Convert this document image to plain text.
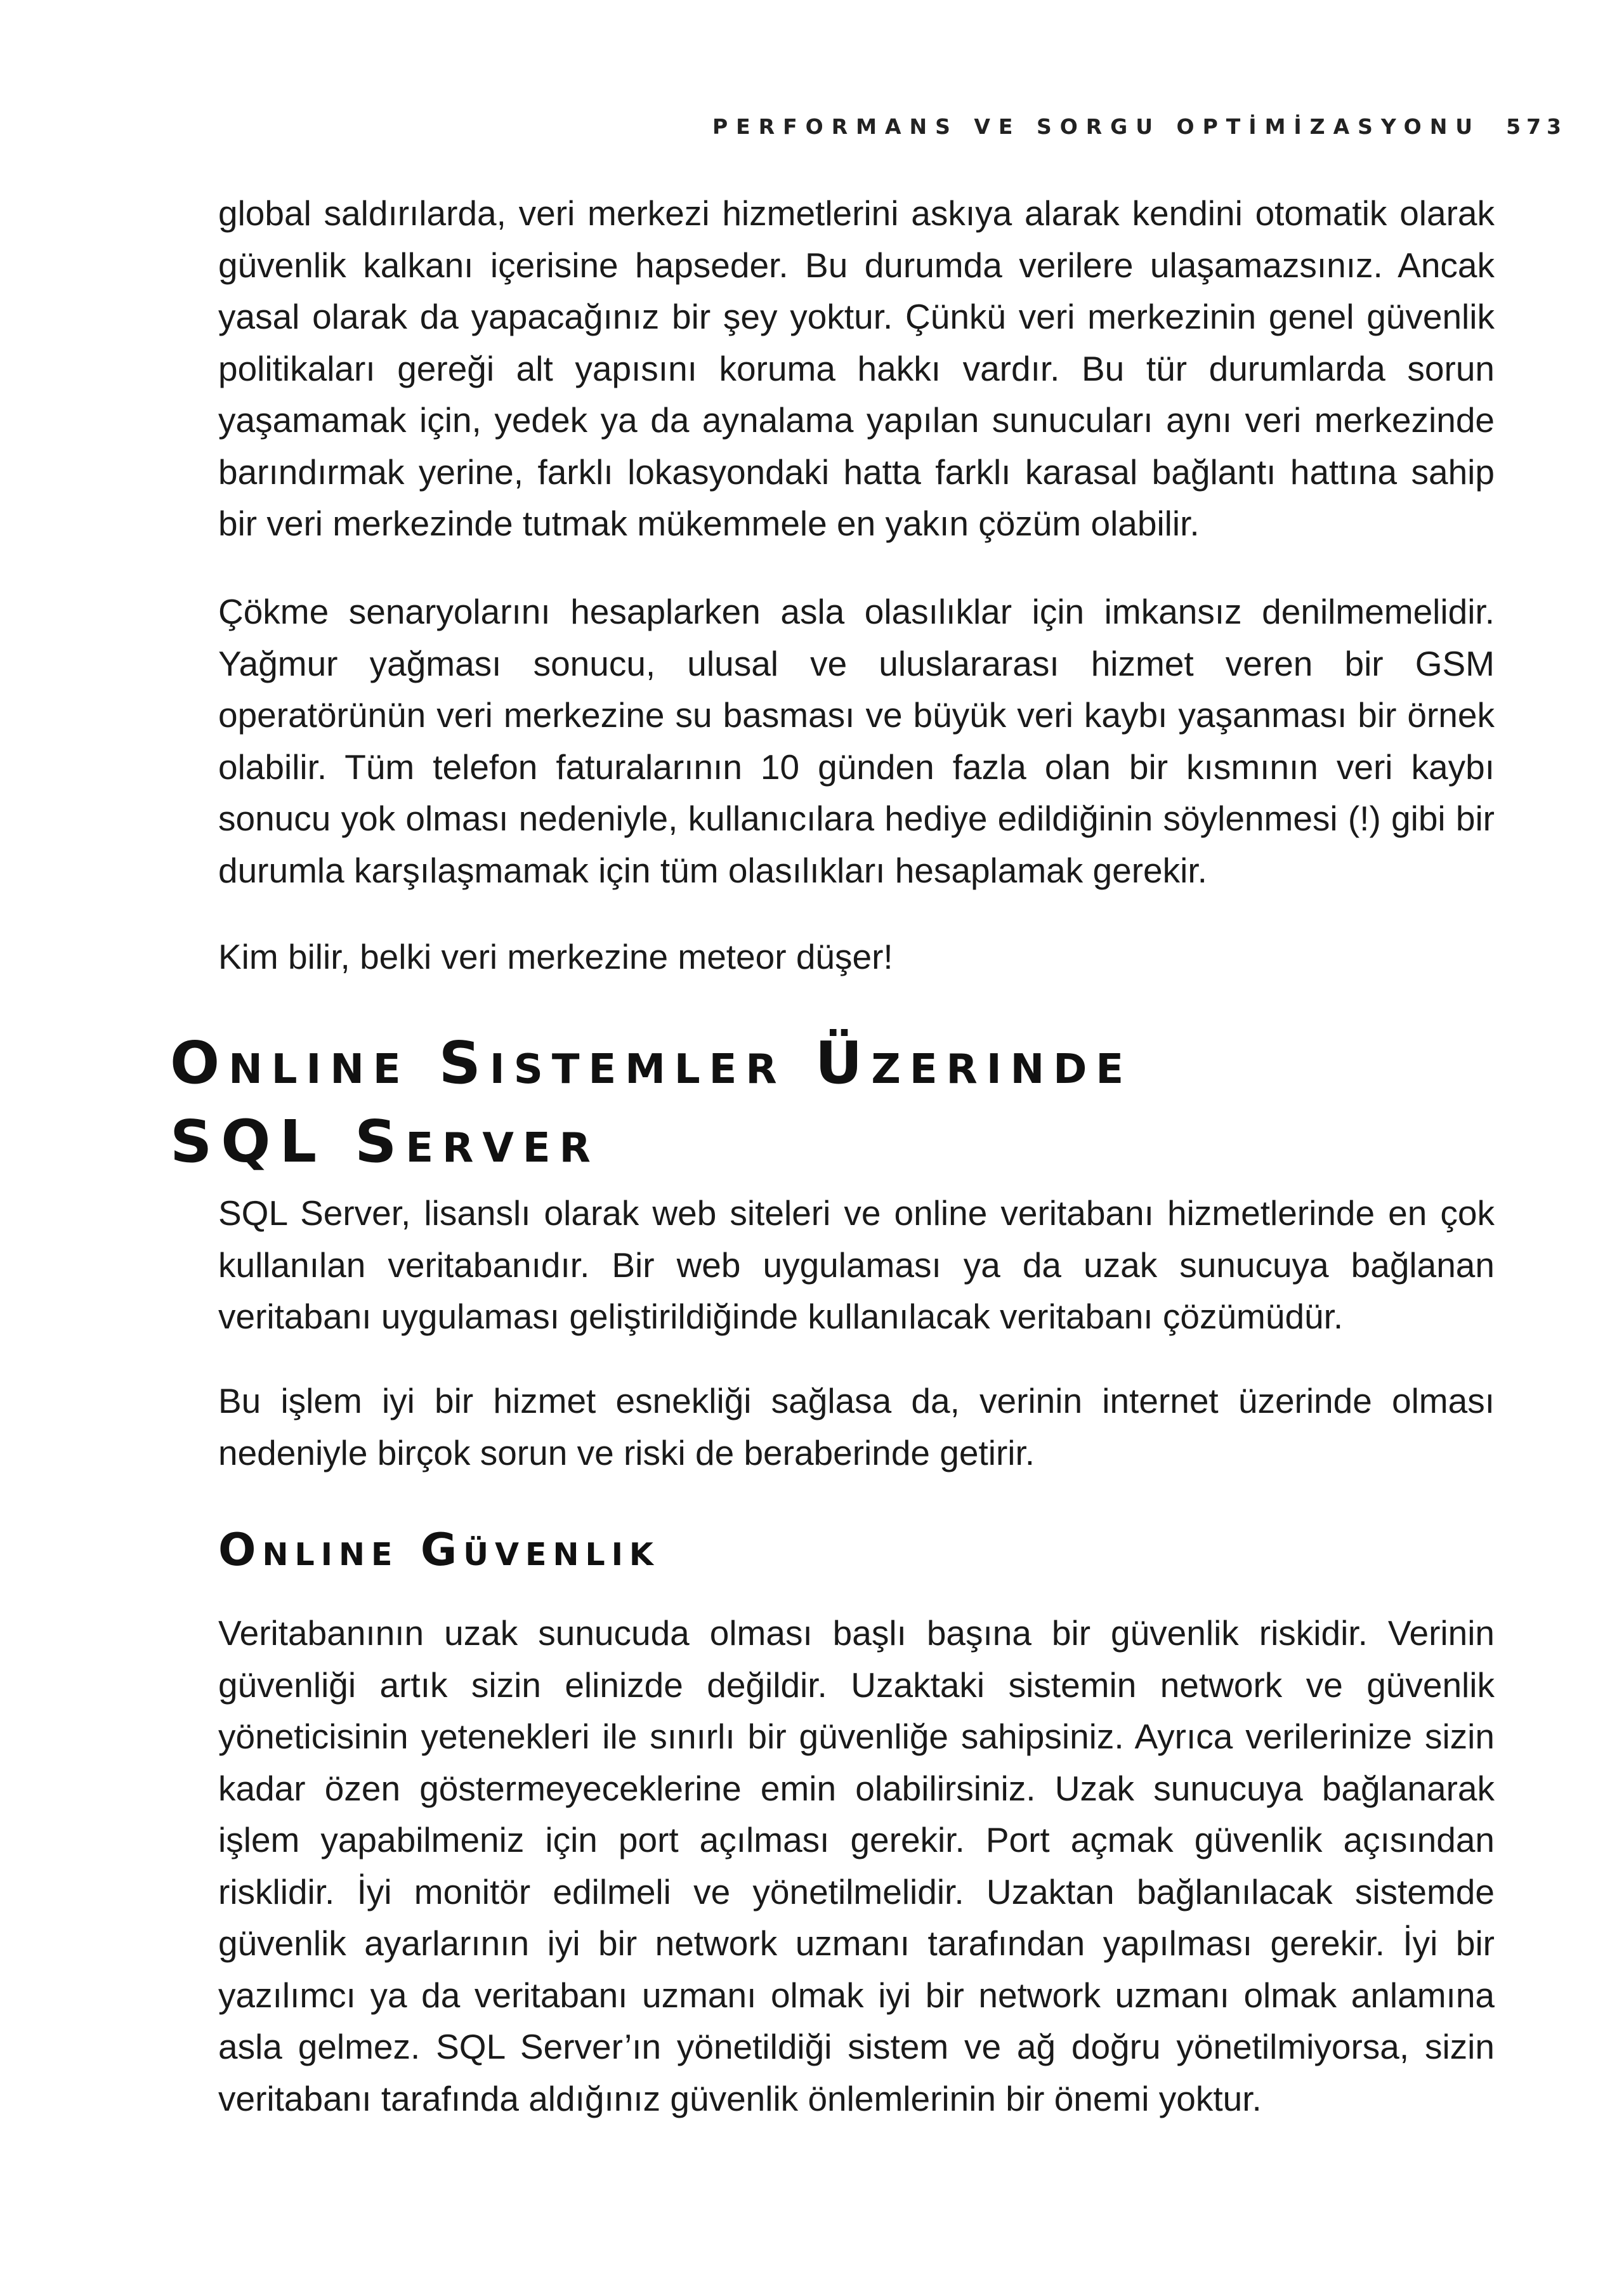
PERFORMANS VE SORGU OPTİMİZASYONU 573

global saldırılarda, veri merkezi hizmetlerini askıya alarak kendini otomatik olarak güvenlik kalkanı içerisine hapseder. Bu durumda verilere ulaşamazsınız. Ancak yasal olarak da yapacağınız bir şey yoktur. Çünkü veri merkezinin genel güvenlik politikaları gereği alt yapısını koruma hakkı vardır. Bu tür durumlarda sorun yaşamamak için, yedek ya da aynalama yapılan sunucuları aynı veri merkezinde barındırmak yerine, farklı lokasyondaki hatta farklı karasal bağlantı hattına sahip bir veri merkezinde tutmak mükemmele en yakın çözüm olabilir.

Çökme senaryolarını hesaplarken asla olasılıklar için imkansız denilmemelidir. Yağmur yağması sonucu, ulusal ve uluslararası hizmet veren bir GSM operatörünün veri merkezine su basması ve büyük veri kaybı yaşanması bir örnek olabilir. Tüm telefon faturalarının 10 günden fazla olan bir kısmının veri kaybı sonucu yok olması nedeniyle, kullanıcılara hediye edildiğinin söylenmesi (!) gibi bir durumla karşılaşmamak için tüm olasılıkları hesaplamak gerekir.

Kim bilir, belki veri merkezine meteor düşer!

Online Sistemler Üzerinde
SQL Server

SQL Server, lisanslı olarak web siteleri ve online veritabanı hizmetlerinde en çok kullanılan veritabanıdır. Bir web uygulaması ya da uzak sunucuya bağlanan veritabanı uygulaması geliştirildiğinde kullanılacak veritabanı çözümüdür.

Bu işlem iyi bir hizmet esnekliği sağlasa da, verinin internet üzerinde olması nedeniyle birçok sorun ve riski de beraberinde getirir.

Online Güvenlik

Veritabanının uzak sunucuda olması başlı başına bir güvenlik riskidir. Verinin güvenliği artık sizin elinizde değildir. Uzaktaki sistemin network ve güvenlik yöneticisinin yetenekleri ile sınırlı bir güvenliğe sahipsiniz. Ayrıca verilerinize sizin kadar özen göstermeyeceklerine emin olabilirsiniz. Uzak sunucuya bağlanarak işlem yapabilmeniz için port açılması gerekir. Port açmak güvenlik açısından risklidir. İyi monitör edilmeli ve yönetilmelidir. Uzaktan bağlanılacak sistemde güvenlik ayarlarının iyi bir network uzmanı tarafından yapılması gerekir. İyi bir yazılımcı ya da veritabanı uzmanı olmak iyi bir network uzmanı olmak anlamına asla gelmez. SQL Server’ın yönetildiği sistem ve ağ doğru yönetilmiyorsa, sizin veritabanı tarafında aldığınız güvenlik önlemlerinin bir önemi yoktur.
